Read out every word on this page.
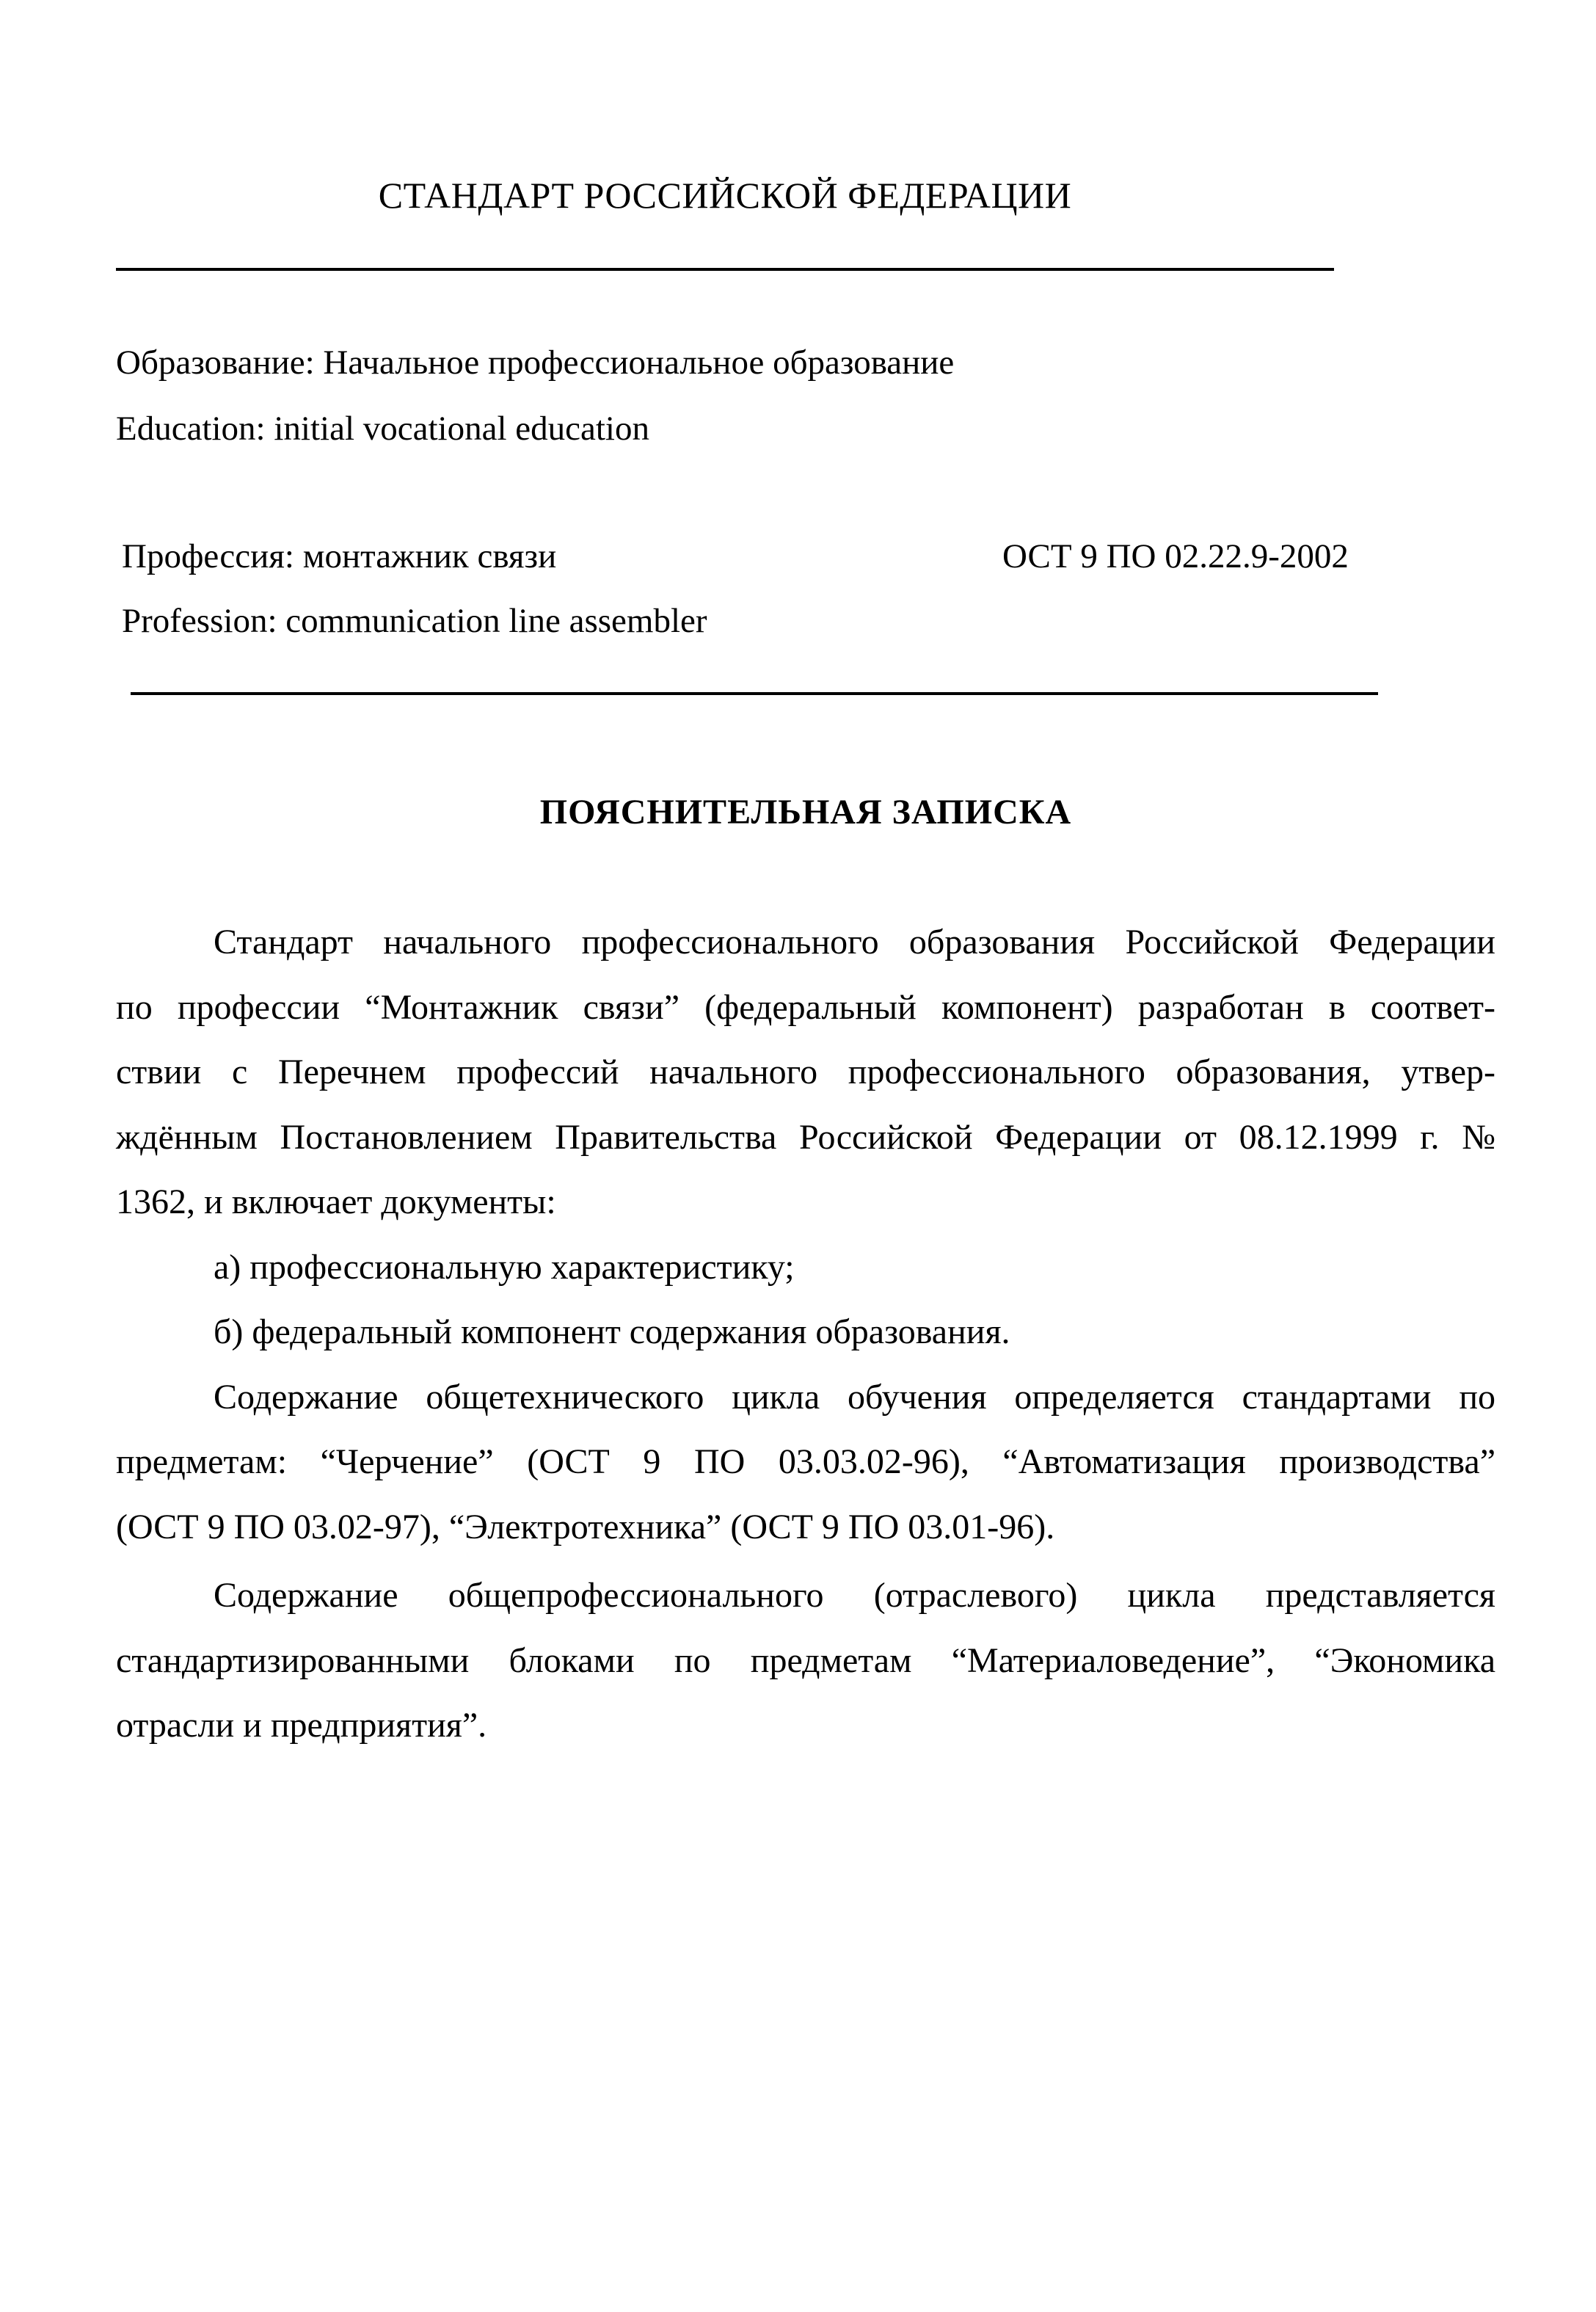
СТАНДАРТ РОССИЙСКОЙ ФЕДЕРАЦИИ
Образование: Начальное профессиональное образование
Education: initial vocational education
Профессия: монтажник связи	ОСТ 9 ПО 02.22.9-2002
Profession: communication line assembler
ПОЯСНИТЕЛЬНАЯ ЗАПИСКА
Стандарт начального профессионального образования Российской Федерации
по профессии “Монтажник связи” (федеральный компонент) разработан в соответ-
ствии с Перечнем профессий начального профессионального образования, утвер-
ждённым Постановлением Правительства Российской Федерации от 08.12.1999 г. №
1362, и включает документы:
а) профессиональную характеристику;
б) федеральный компонент содержания образования.
Содержание общетехнического цикла обучения определяется стандартами по
предметам: “Черчение” (ОСТ 9 ПО 03.03.02-96), “Автоматизация производства”
(ОСТ 9 ПО 03.02-97), “Электротехника” (ОСТ 9 ПО 03.01-96).
Содержание общепрофессионального (отраслевого) цикла представляется
стандартизированными блоками по предметам “Материаловедение”, “Экономика
отрасли и предприятия”.
